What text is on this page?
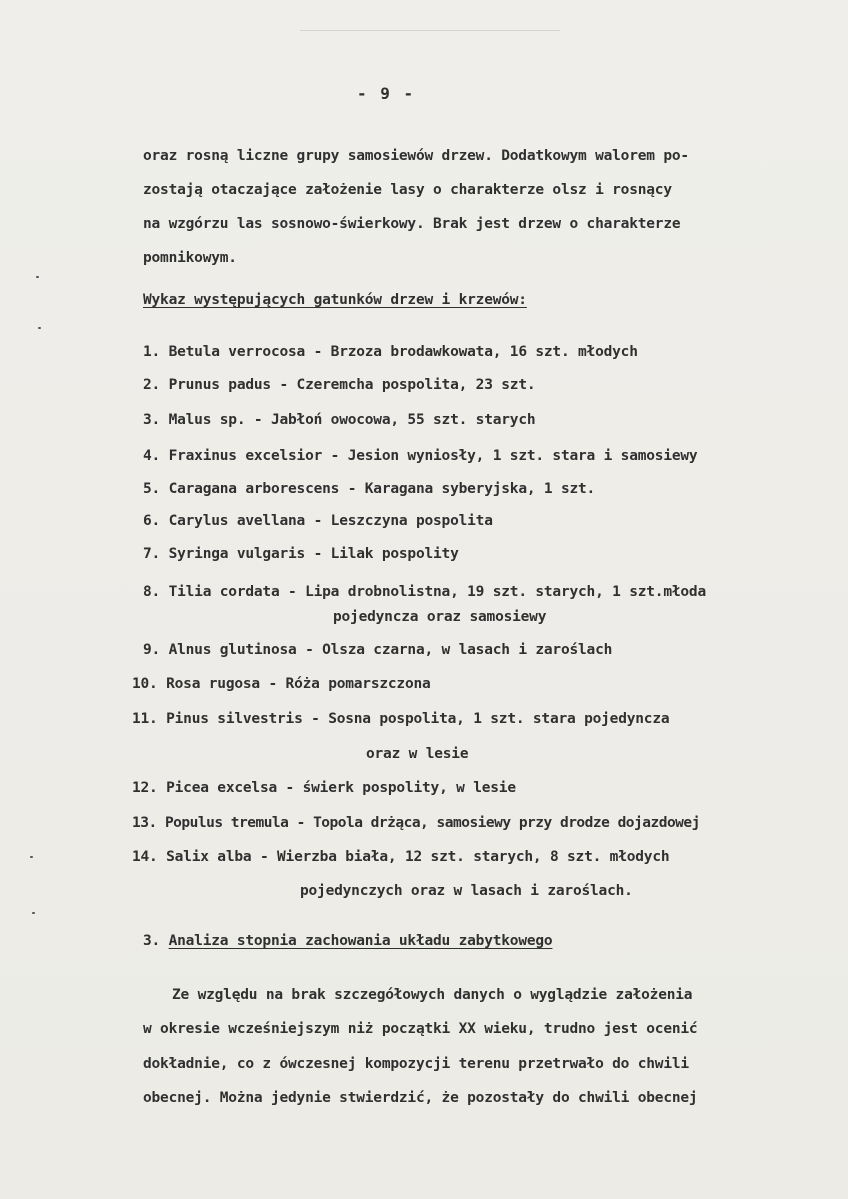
- 9 -
oraz rosną liczne grupy samosiewów drzew. Dodatkowym walorem po-
zostają otaczające założenie lasy o charakterze olsz i rosnący
na wzgórzu las sosnowo-świerkowy. Brak jest drzew o charakterze
pomnikowym.
Wykaz występujących gatunków drzew i krzewów:
1. Betula verrocosa - Brzoza brodawkowata, 16 szt. młodych
2. Prunus padus - Czeremcha pospolita, 23 szt.
3. Malus sp. - Jabłoń owocowa, 55 szt. starych
4. Fraxinus excelsior - Jesion wyniosły, 1 szt. stara i samosiewy
5. Caragana arborescens - Karagana syberyjska, 1 szt.
6. Carylus avellana - Leszczyna pospolita
7. Syringa vulgaris - Lilak pospolity
8. Tilia cordata - Lipa drobnolistna, 19 szt. starych, 1 szt.młoda
pojedyncza oraz samosiewy
9. Alnus glutinosa - Olsza czarna, w lasach i zaroślach
10. Rosa rugosa - Róża pomarszczona
11. Pinus silvestris - Sosna pospolita, 1 szt. stara pojedyncza
oraz w lesie
12. Picea excelsa - świerk pospolity, w lesie
13. Populus tremula - Topola drżąca, samosiewy przy drodze dojazdowej
14. Salix alba - Wierzba biała, 12 szt. starych, 8 szt. młodych
pojedynczych oraz w lasach i zaroślach.
3. Analiza stopnia zachowania układu zabytkowego
Ze względu na brak szczegółowych danych o wyglądzie założenia
w okresie wcześniejszym niż początki XX wieku, trudno jest ocenić
dokładnie, co z ówczesnej kompozycji terenu przetrwało do chwili
obecnej. Można jedynie stwierdzić, że pozostały do chwili obecnej
